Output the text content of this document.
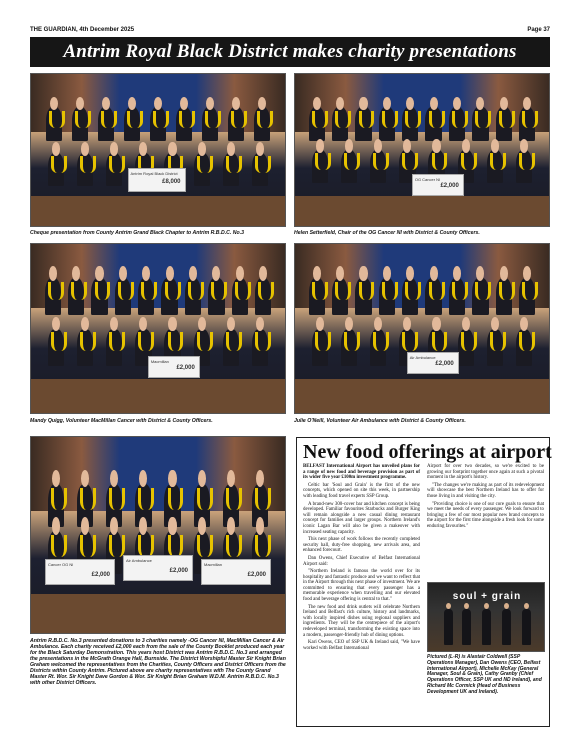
THE GUARDIAN, 4th December 2025	Page 37
Antrim Royal Black District makes charity presentations
Antrim Royal Black District
£8,000
Cheque presentation from County Antrim Grand Black Chapter to Antrim R.B.D.C. No.3
OG Cancer NI
£2,000
Helen Setterfield, Chair of the OG Cancer NI with District & County Officers.
Macmillan
£2,000
Mandy Quigg, Volunteer MacMillan Cancer with District & County Officers.
Air Ambulance
£2,000
Julie O'Neill, Volunteer Air Ambulance with District & County Officers.
Cancer OG NI
£2,000
Air Ambulance
£2,000
Macmillan
£2,000
Antrim R.B.D.C. No.3 presented donations to 3 charities namely -OG Cancer NI, MacMillan Cancer & Air Ambulance. Each charity received £2,000 each from the sale of the County Booklet produced each year for the Black Saturday Demonstration. This years host District was Antrim R.B.D.C. No.3 and arranged the presentations in the McGrath Orange Hall, Burnside. The District Worshipful Master Sir Knight Brian Graham welcomed the representatives from the Charities, County Officers and District Officers from the Districts within County Antrim. Pictured above are charity representatives with The County Grand Master Rt. Wor. Sir Knight Dave Gordon & Wor. Sir Knight Brian Graham W.D.M. Antrim R.B.D.C. No.3 with other District Officers.
New food offerings at airport

BELFAST International Airport has unveiled plans for a range of new food and beverage provision as part of its wider five year £100m investment programme.

Celtic bar 'Soul and Grain' is the first of the new concepts, which opened on site this week, in partnership with leading food travel experts SSP Group.

A brand-new 300-cover bar and kitchen concept is being developed. Familiar favourites Starbucks and Burger King will remain alongside a new casual dining restaurant concept for families and larger groups. Northern Ireland's iconic Lagan Bar will also be given a makeover with increased seating capacity.

This next phase of work follows the recently completed security hall, duty-free shopping, new arrivals area, and enhanced forecourt.

Dan Owens, Chief Executive of Belfast International Airport said:

"Northern Ireland is famous the world over for its hospitality and fantastic produce and we want to reflect that in the Airport through this next phase of investment. We are committed to ensuring that every passenger has a memorable experience when travelling and our elevated food and beverage offering is central to that."

The new food and drink outlets will celebrate Northern Ireland and Belfast's rich culture, history and landmarks, with locally inspired dishes using regional suppliers and ingredients. They will be the centrepiece of the airport's redeveloped terminal, transforming the existing space into a modern, passenger-friendly hub of dining options.

Kari Owens, CEO of SSP UK & Ireland said, "We have worked with Belfast International

Airport for over two decades, so we're excited to be growing our footprint together once again at such a pivotal moment in the airport's history.

"The changes we're making as part of its redevelopment will showcase the best Northern Ireland has to offer for those living in and visiting the city.

"Providing choice is one of our core goals to ensure that we meet the needs of every passenger. We look forward to bringing a few of our most popular new brand concepts to the airport for the first time alongside a fresh look for some enduring favourites."

soul + grain
Pictured (L-R) is Alastair Coldwell (SSP Operations Manager), Dan Owens (CEO, Belfast International Airport), Michelle McKay (General Manager, Soul & Grain), Cathy Granby (Chief Operations Officer, SSP UK and ND Ireland), and Richard Mc Cormick (Head of Business Development UK and Ireland).
